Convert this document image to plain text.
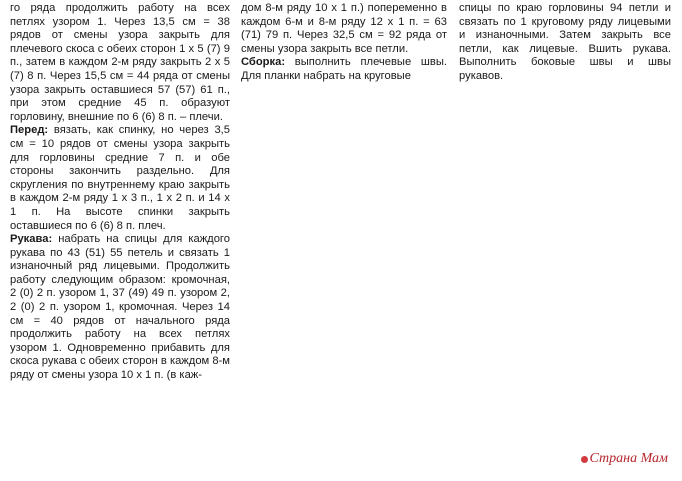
го ряда продолжить работу на всех петлях узором 1. Через 13,5 см = 38 рядов от смены узора закрыть для плечевого скоса с обеих сторон 1 х 5 (7) 9 п., затем в каждом 2-м ряду закрыть 2 х 5 (7) 8 п. Через 15,5 см = 44 ряда от смены узора закрыть оставшиеся 57 (57) 61 п., при этом средние 45 п. образуют горловину, внешние по 6 (6) 8 п. – плечи.

Перед: вязать, как спинку, но через 3,5 см = 10 рядов от смены узора закрыть для горловины средние 7 п. и обе стороны закончить раздельно. Для скругления по внутреннему краю закрыть в каждом 2-м ряду 1 х 3 п., 1 х 2 п. и 14 х 1 п. На высоте спинки закрыть оставшиеся по 6 (6) 8 п. плеч.

Рукава: набрать на спицы для каждого рукава по 43 (51) 55 петель и связать 1 изнаночный ряд лицевыми. Продолжить работу следующим образом: кромочная, 2 (0) 2 п. узором 1, 37 (49) 49 п. узором 2, 2 (0) 2 п. узором 1, кромочная. Через 14 см = 40 рядов от начального ряда продолжить работу на всех петлях узором 1. Одновременно прибавить для скоса рукава с обеих сторон в каждом 8-м ряду от смены узора 10 х 1 п. (в каж-

дом 8-м ряду 10 х 1 п.) попеременно в каждом 6-м и 8-м ряду 12 х 1 п. = 63 (71) 79 п. Через 32,5 см = 92 ряда от смены узора закрыть все петли.

Сборка: выполнить плечевые швы. Для планки набрать на круговые

спицы по краю горловины 94 петли и связать по 1 круговому ряду лицевыми и изнаночными. Затем закрыть все петли, как лицевые. Вшить рукава. Выполнить боковые швы и швы рукавов.

Страна Мам
